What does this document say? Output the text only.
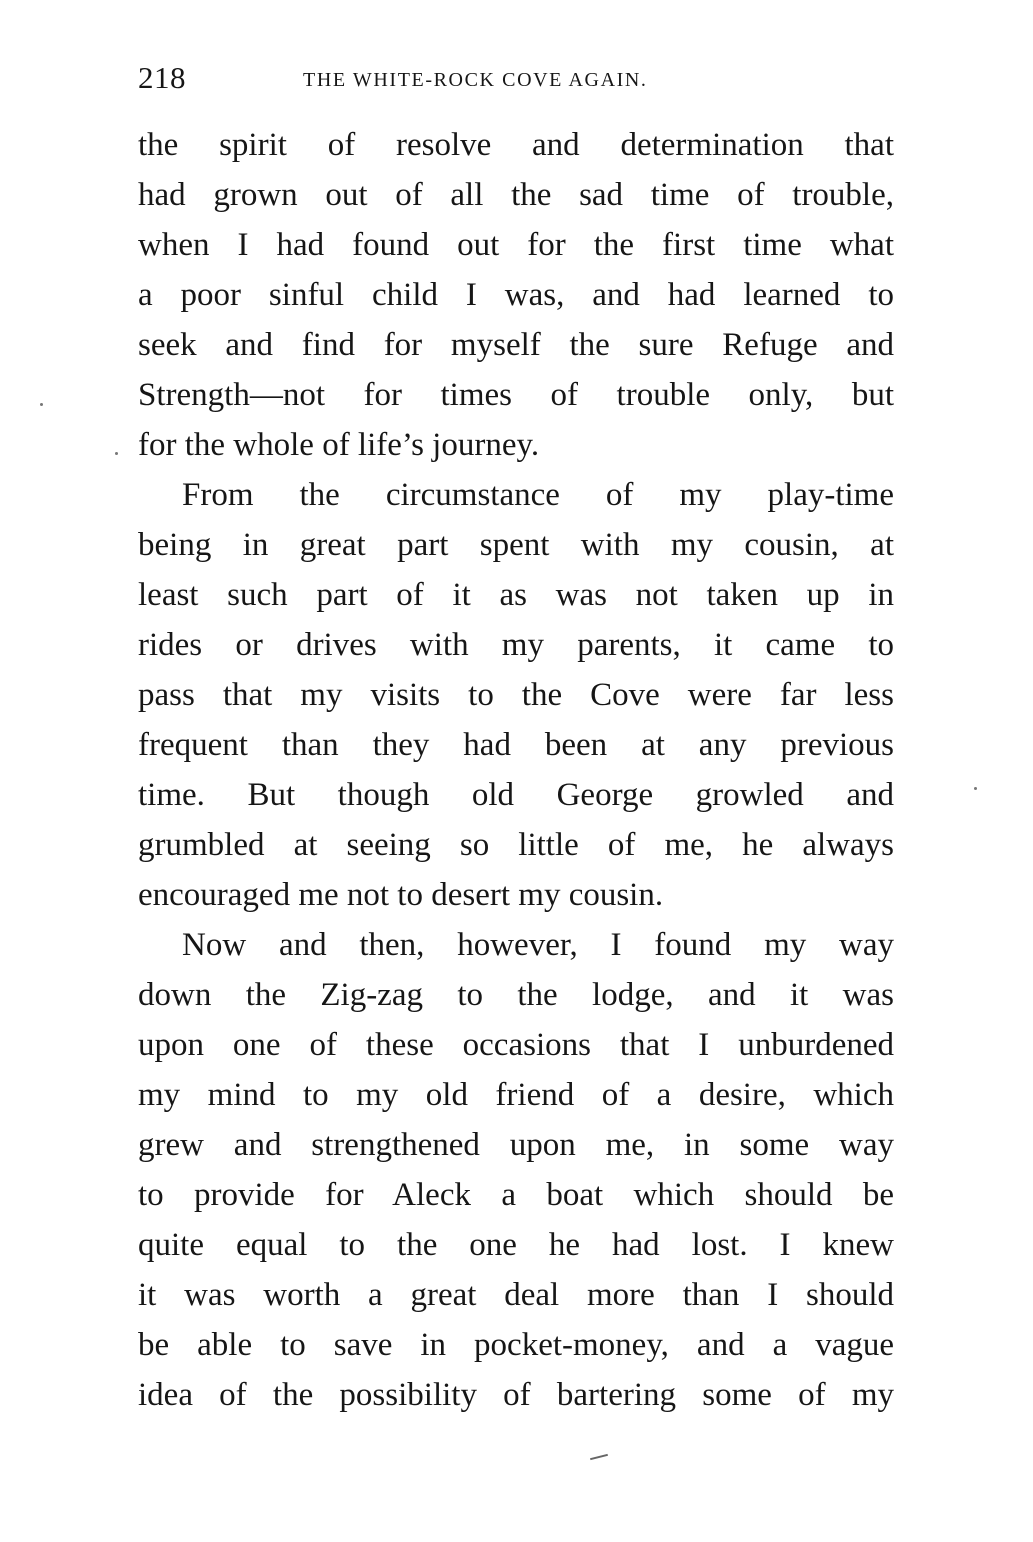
218	THE WHITE-ROCK COVE AGAIN.
the spirit of resolve and determination that
had grown out of all the sad time of trouble,
when I had found out for the first time what
a poor sinful child I was, and had learned to
seek and find for myself the sure Refuge and
Strength—not for times of trouble only, but
for the whole of life’s journey.
From the circumstance of my play-time
being in great part spent with my cousin, at
least such part of it as was not taken up in
rides or drives with my parents, it came to
pass that my visits to the Cove were far less
frequent than they had been at any previous
time. But though old George growled and
grumbled at seeing so little of me, he always
encouraged me not to desert my cousin.
Now and then, however, I found my way
down the Zig-zag to the lodge, and it was
upon one of these occasions that I unburdened
my mind to my old friend of a desire, which
grew and strengthened upon me, in some way
to provide for Aleck a boat which should be
quite equal to the one he had lost. I knew
it was worth a great deal more than I should
be able to save in pocket-money, and a vague
idea of the possibility of bartering some of my
